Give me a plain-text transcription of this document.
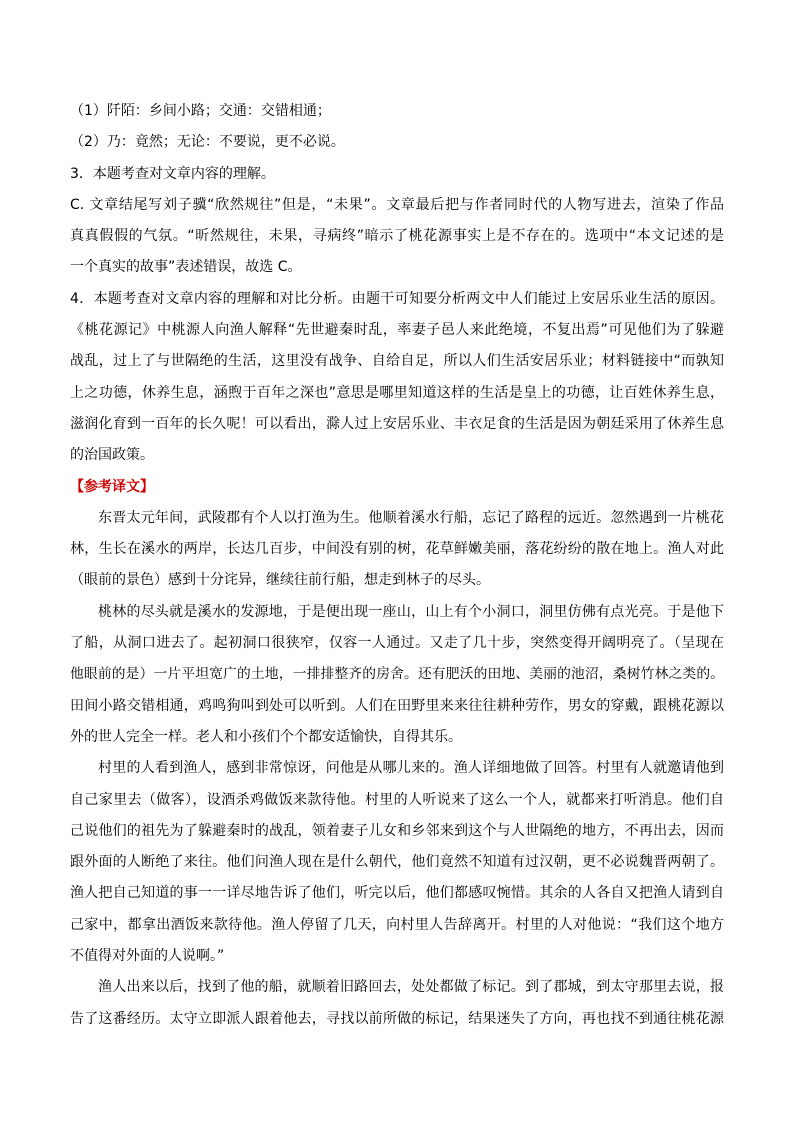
（1）阡陌：乡间小路；交通：交错相通；
（2）乃：竟然；无论：不要说，更不必说。
3．本题考查对文章内容的理解。
C. 文章结尾写刘子骥“欣然规往”但是，“未果”。文章最后把与作者同时代的人物写进去，渲染了作品
真真假假的气氛。“昕然规往，未果，寻病终”暗示了桃花源事实上是不存在的。选项中“本文记述的是
一个真实的故事”表述错误，故选 C。
4．本题考查对文章内容的理解和对比分析。由题干可知要分析两文中人们能过上安居乐业生活的原因。
《桃花源记》中桃源人向渔人解释“先世避秦时乱，率妻子邑人来此绝境，不复出焉”可见他们为了躲避
战乱，过上了与世隔绝的生活，这里没有战争、自给自足，所以人们生活安居乐业；材料链接中“而孰知
上之功德，休养生息，涵煦于百年之深也”意思是哪里知道这样的生活是皇上的功德，让百姓休养生息，
滋润化育到一百年的长久呢！可以看出，滁人过上安居乐业、丰衣足食的生活是因为朝廷采用了休养生息
的治国政策。
【参考译文】
东晋太元年间，武陵郡有个人以打渔为生。他顺着溪水行船，忘记了路程的远近。忽然遇到一片桃花
林，生长在溪水的两岸，长达几百步，中间没有别的树，花草鲜嫩美丽，落花纷纷的散在地上。渔人对此
（眼前的景色）感到十分诧异，继续往前行船，想走到林子的尽头。
桃林的尽头就是溪水的发源地，于是便出现一座山，山上有个小洞口，洞里仿佛有点光亮。于是他下
了船，从洞口进去了。起初洞口很狭窄，仅容一人通过。又走了几十步，突然变得开阔明亮了。（呈现在
他眼前的是）一片平坦宽广的土地，一排排整齐的房舍。还有肥沃的田地、美丽的池沼，桑树竹林之类的。
田间小路交错相通，鸡鸣狗叫到处可以听到。人们在田野里来来往往耕种劳作，男女的穿戴，跟桃花源以
外的世人完全一样。老人和小孩们个个都安适愉快，自得其乐。
村里的人看到渔人，感到非常惊讶，问他是从哪儿来的。渔人详细地做了回答。村里有人就邀请他到
自己家里去（做客），设酒杀鸡做饭来款待他。村里的人听说来了这么一个人，就都来打听消息。他们自
己说他们的祖先为了躲避秦时的战乱，领着妻子儿女和乡邻来到这个与人世隔绝的地方，不再出去，因而
跟外面的人断绝了来往。他们问渔人现在是什么朝代，他们竟然不知道有过汉朝，更不必说魏晋两朝了。
渔人把自己知道的事一一详尽地告诉了他们，听完以后，他们都感叹惋惜。其余的人各自又把渔人请到自
己家中，都拿出酒饭来款待他。渔人停留了几天，向村里人告辞离开。村里的人对他说：“我们这个地方
不值得对外面的人说啊。”
渔人出来以后，找到了他的船，就顺着旧路回去，处处都做了标记。到了郡城，到太守那里去说，报
告了这番经历。太守立即派人跟着他去，寻找以前所做的标记，结果迷失了方向，再也找不到通往桃花源
